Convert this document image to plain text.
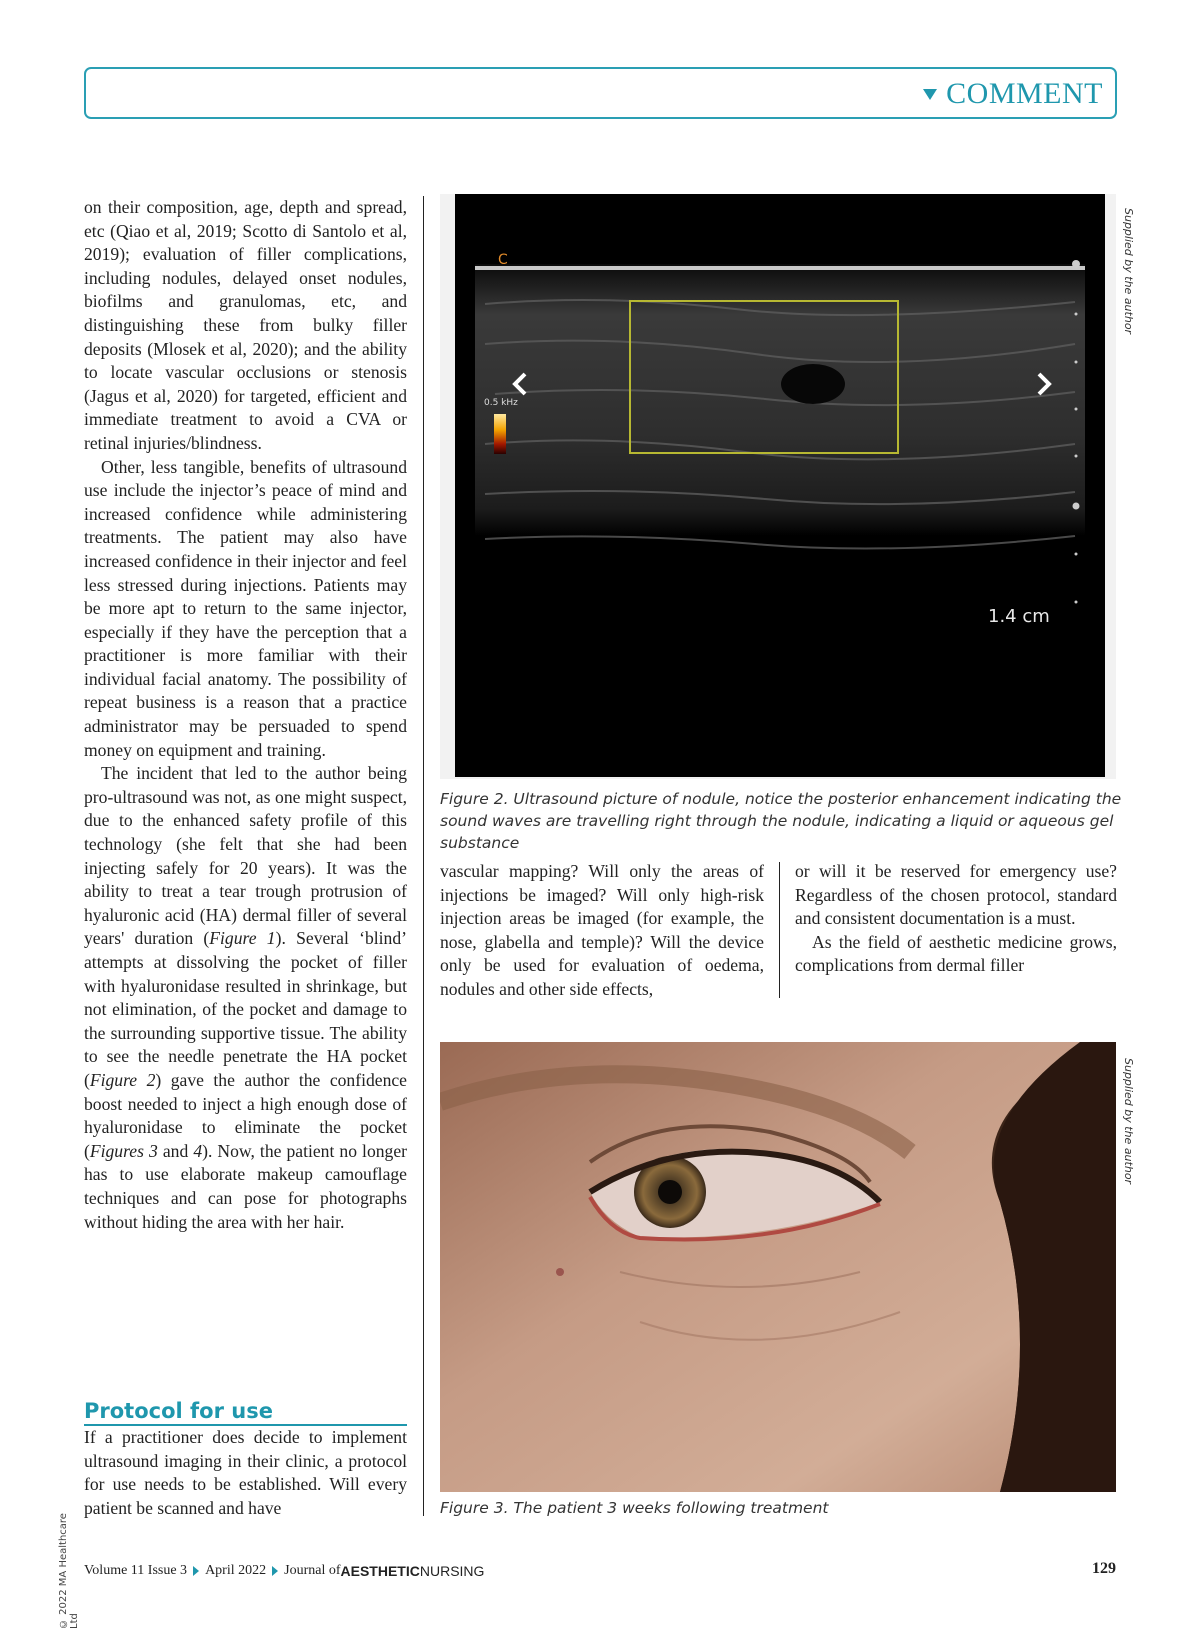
COMMENT

on their composition, age, depth and spread, etc (Qiao et al, 2019; Scotto di Santolo et al, 2019); evaluation of filler complications, including nodules, delayed onset nodules, biofilms and granulomas, etc, and distinguishing these from bulky filler deposits (Mlosek et al, 2020); and the ability to locate vascular occlusions or stenosis (Jagus et al, 2020) for targeted, efficient and immediate treatment to avoid a CVA or retinal injuries/blindness.

Other, less tangible, benefits of ultrasound use include the injector’s peace of mind and increased confidence while administering treatments. The patient may also have increased confidence in their injector and feel less stressed during injections. Patients may be more apt to return to the same injector, especially if they have the perception that a practitioner is more familiar with their individual facial anatomy. The possibility of repeat business is a reason that a practice administrator may be persuaded to spend money on equipment and training.

The incident that led to the author being pro-ultrasound was not, as one might suspect, due to the enhanced safety profile of this technology (she felt that she had been injecting safely for 20 years). It was the ability to treat a tear trough protrusion of hyaluronic acid (HA) dermal filler of several years' duration (Figure 1). Several ‘blind’ attempts at dissolving the pocket of filler with hyaluronidase resulted in shrinkage, but not elimination, of the pocket and damage to the surrounding supportive tissue. The ability to see the needle penetrate the HA pocket (Figure 2) gave the author the confidence boost needed to inject a high enough dose of hyaluronidase to eliminate the pocket (Figures 3 and 4). Now, the patient no longer has to use elaborate makeup camouflage techniques and can pose for photographs without hiding the area with her hair.

Protocol for use

If a practitioner does decide to implement ultrasound imaging in their clinic, a protocol for use needs to be established. Will every patient be scanned and have

0.5 kHz
C
1.4 cm
Supplied by the author
Figure 2. Ultrasound picture of nodule, notice the posterior enhancement indicating the sound waves are travelling right through the nodule, indicating a liquid or aqueous gel substance

vascular mapping? Will only the areas of injections be imaged? Will only high-risk injection areas be imaged (for example, the nose, glabella and temple)? Will the device only be used for evaluation of oedema, nodules and other side effects,

or will it be reserved for emergency use? Regardless of the chosen protocol, standard and consistent documentation is a must.

As the field of aesthetic medicine grows, complications from dermal filler

Supplied by the author
Figure 3. The patient 3 weeks following treatment
© 2022 MA Healthcare Ltd
Volume 11 Issue 3 April 2022 Journal of AESTHETIC NURSING	129
